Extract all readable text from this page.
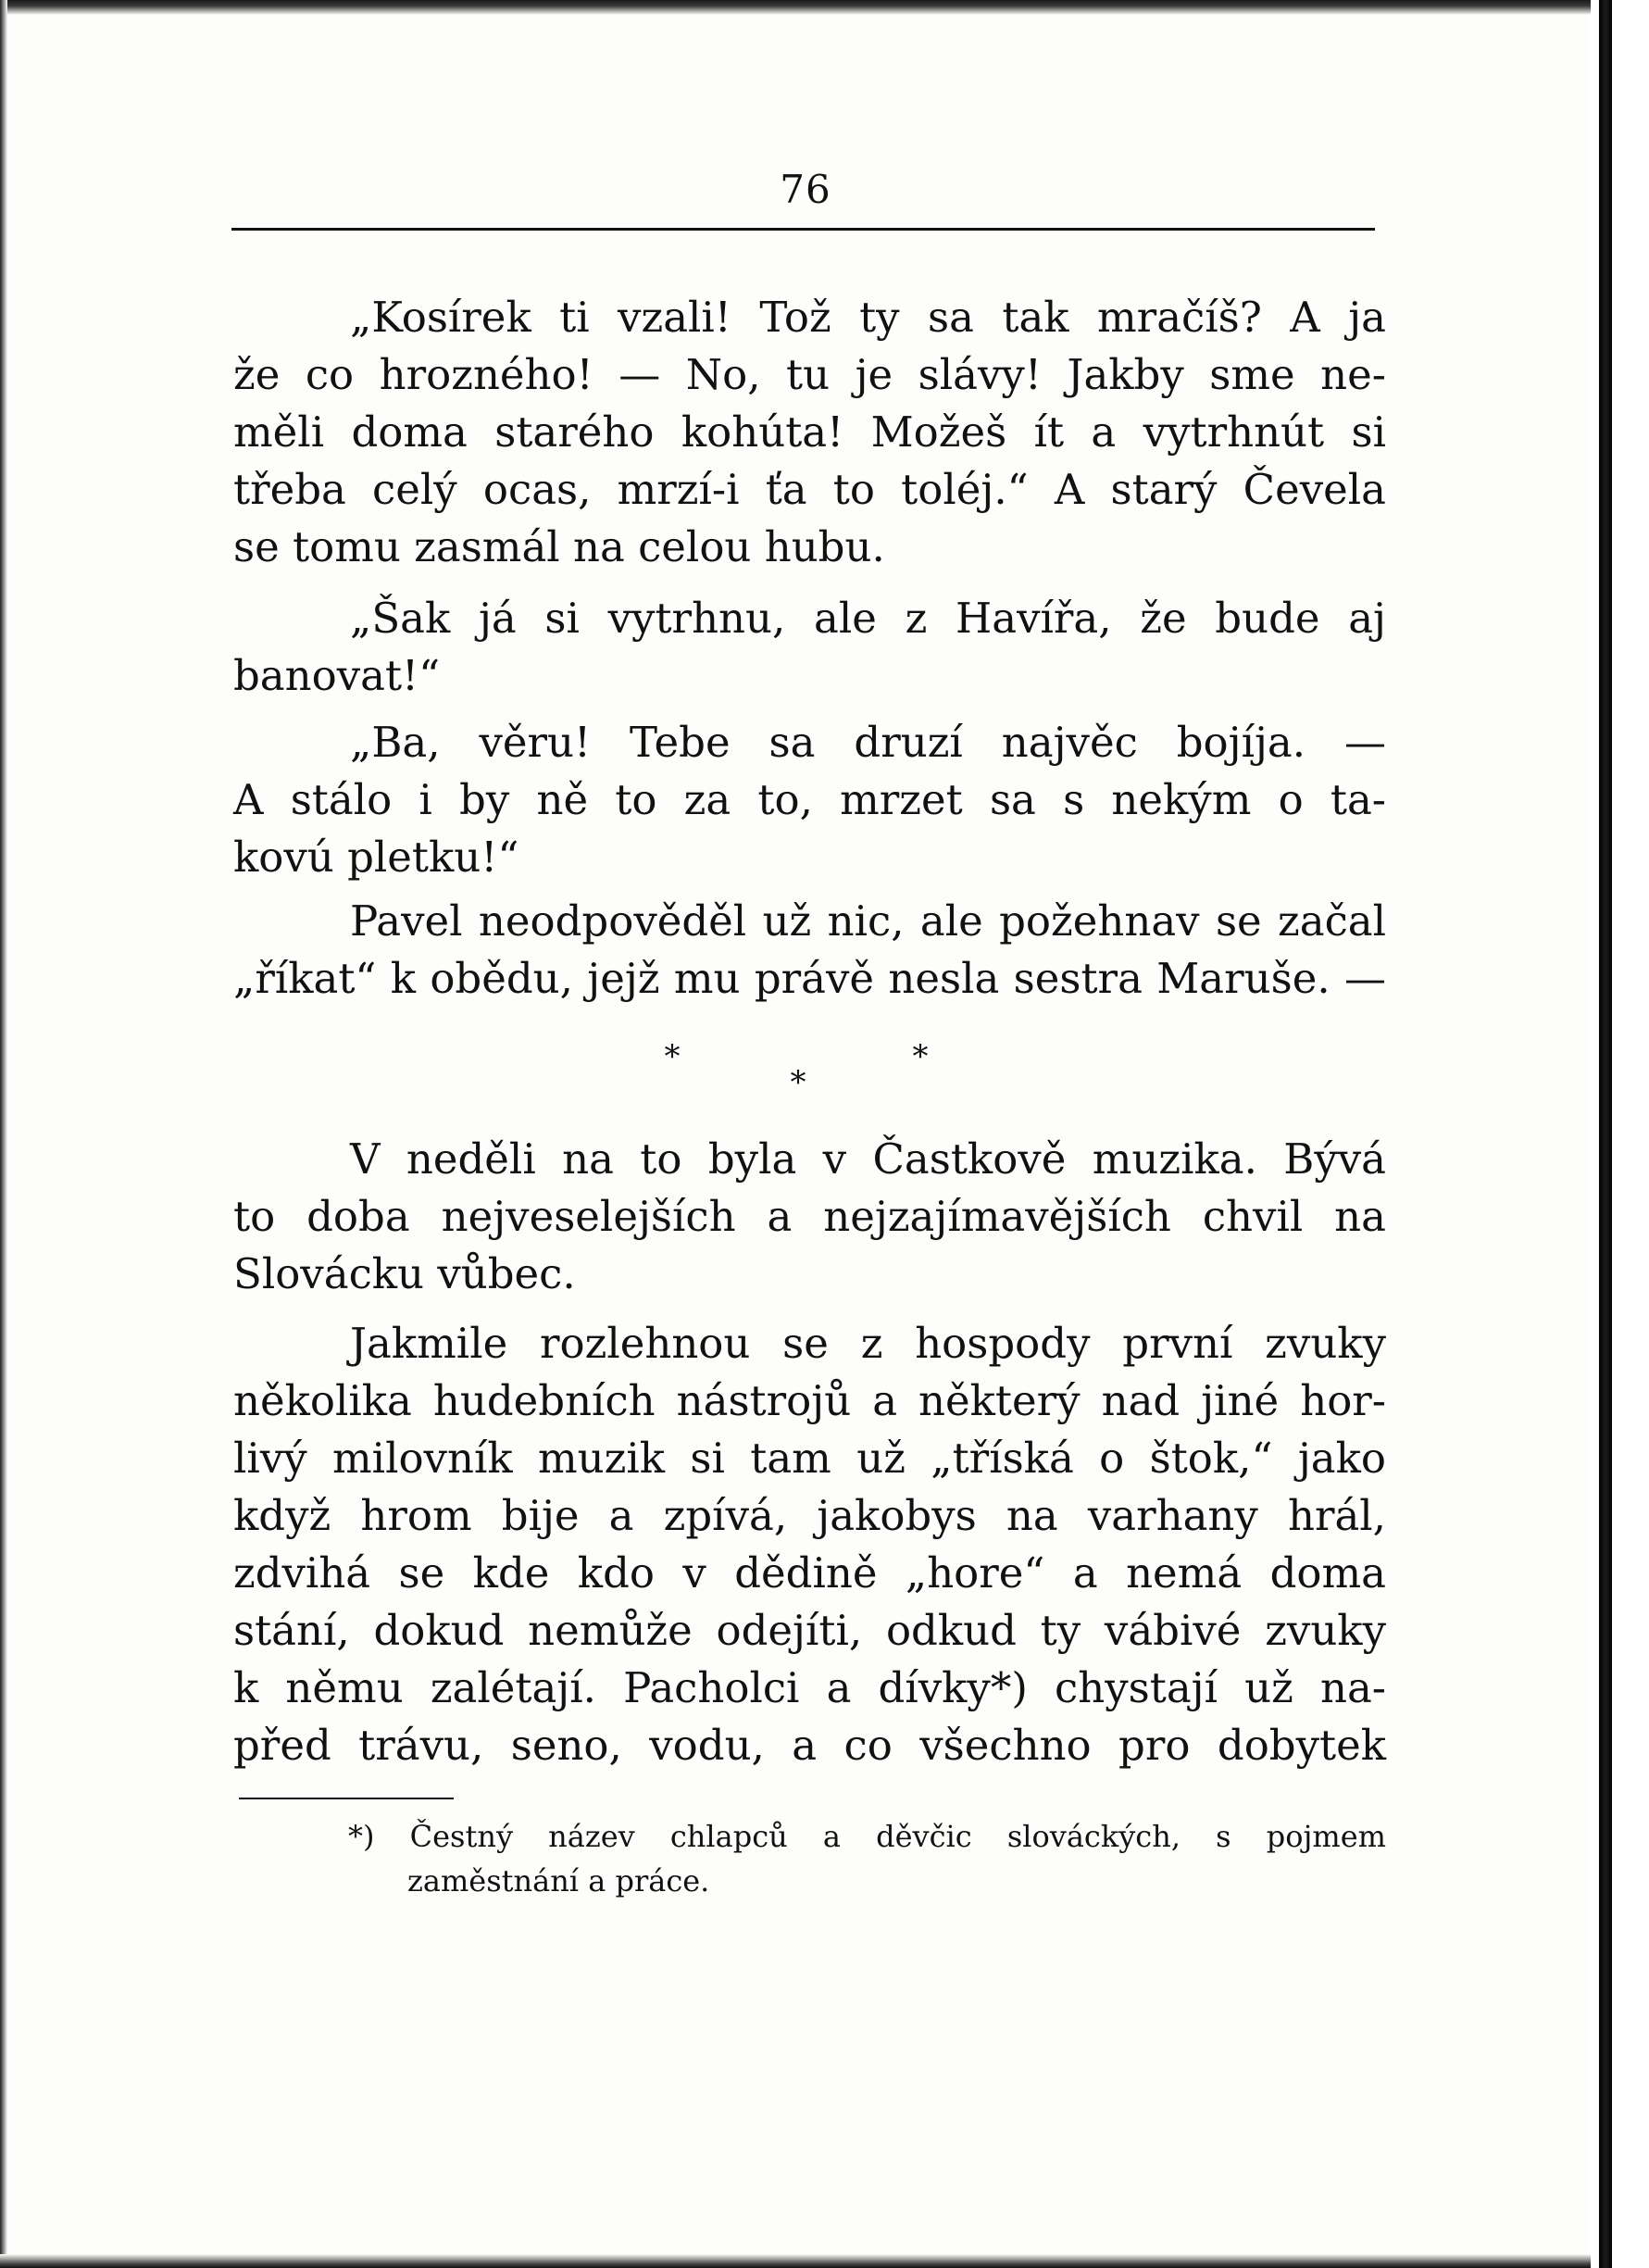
76
„Kosírek ti vzali! Tož ty sa tak mračíš? A ja
že co hrozného! — No, tu je slávy! Jakby sme ne-
měli doma starého kohúta! Možeš ít a vytrhnút si
třeba celý ocas, mrzí-i ťa to toléj.“ A starý Čevela
se tomu zasmál na celou hubu.
„Šak já si vytrhnu, ale z Havířa, že bude aj
banovat!“
„Ba, věru! Tebe sa druzí najvěc bojíja. —
A stálo i by ně to za to, mrzet sa s nekým o ta-
kovú pletku!“
Pavel neodpověděl už nic, ale požehnav se začal
„říkat“ k obědu, jejž mu právě nesla sestra Maruše. —
*	*
*
V neděli na to byla v Častkově muzika. Bývá
to doba nejveselejších a nejzajímavějších chvil na
Slovácku vůbec.
Jakmile rozlehnou se z hospody první zvuky
několika hudebních nástrojů a některý nad jiné hor-
livý milovník muzik si tam už „tříská o štok,“ jako
když hrom bije a zpívá, jakobys na varhany hrál,
zdvihá se kde kdo v dědině „hore“ a nemá doma
stání, dokud nemůže odejíti, odkud ty vábivé zvuky
k němu zalétají. Pacholci a dívky*) chystají už na-
před trávu, seno, vodu, a co všechno pro dobytek
*) Čestný název chlapců a děvčic slováckých, s pojmem
zaměstnání a práce.
